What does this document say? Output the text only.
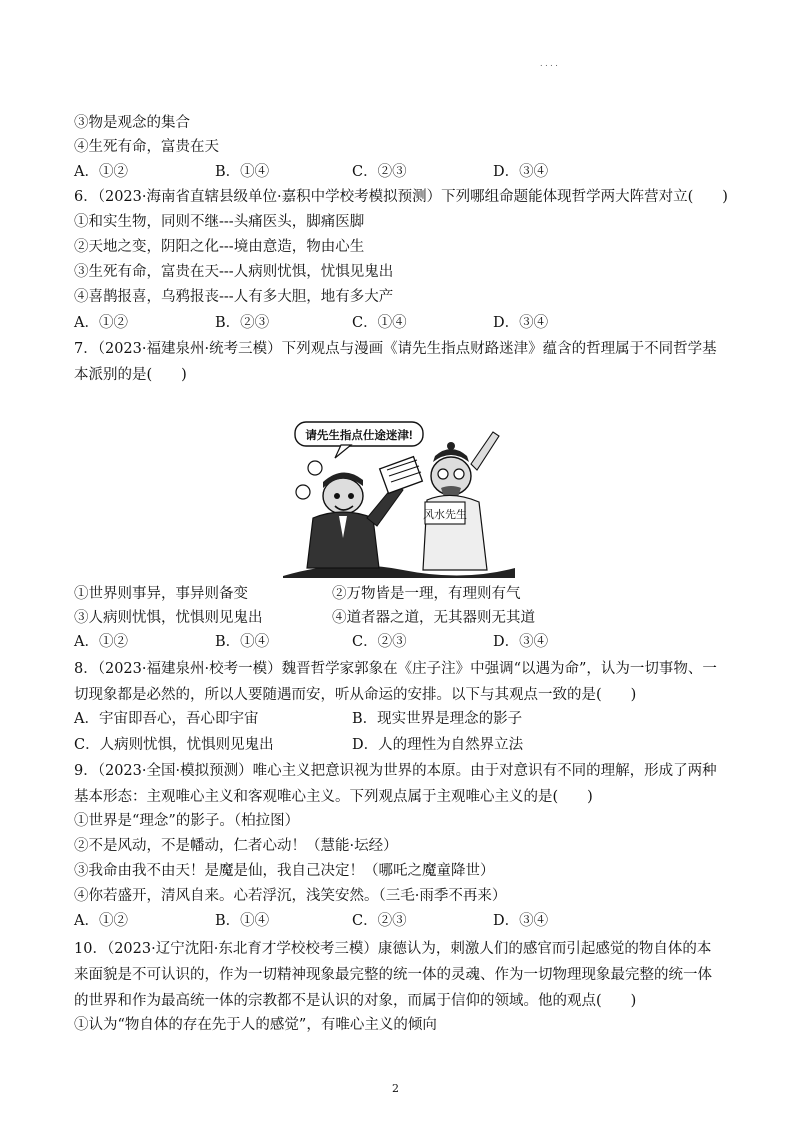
. . . .
③物是观念的集合
④生死有命，富贵在天
A．①②	B．①④	C．②③	D．③④
6．（2023·海南省直辖县级单位·嘉积中学校考模拟预测）下列哪组命题能体现哲学两大阵营对立(　　)
①和实生物，同则不继---头痛医头，脚痛医脚
②天地之变，阴阳之化---境由意造，物由心生
③生死有命，富贵在天---人病则忧惧，忧惧见鬼出
④喜鹊报喜，乌鸦报丧---人有多大胆，地有多大产
A．①②	B．②③	C．①④	D．③④
7．（2023·福建泉州·统考三模）下列观点与漫画《请先生指点财路迷津》蕴含的哲理属于不同哲学基本派别的是(　　)
请先生指点仕途迷津!
风水先生
①世界则事异，事异则备变	②万物皆是一理，有理则有气
③人病则忧惧，忧惧则见鬼出	④道者器之道，无其器则无其道
A．①②	B．①④	C．②③	D．③④
8．（2023·福建泉州·校考一模）魏晋哲学家郭象在《庄子注》中强调“以遇为命”，认为一切事物、一切现象都是必然的，所以人要随遇而安，听从命运的安排。以下与其观点一致的是(　　)
A．宇宙即吾心，吾心即宇宙	B．现实世界是理念的影子
C．人病则忧惧，忧惧则见鬼出	D．人的理性为自然界立法
9．（2023·全国·模拟预测）唯心主义把意识视为世界的本原。由于对意识有不同的理解，形成了两种基本形态：主观唯心主义和客观唯心主义。下列观点属于主观唯心主义的是(　　)
①世界是“理念”的影子。（柏拉图）
②不是风动，不是幡动，仁者心动！（慧能·坛经）
③我命由我不由天！是魔是仙，我自己决定！（哪吒之魔童降世）
④你若盛开，清风自来。心若浮沉，浅笑安然。（三毛·雨季不再来）
A．①②	B．①④	C．②③	D．③④
10．（2023·辽宁沈阳·东北育才学校校考三模）康德认为，刺激人们的感官而引起感觉的物自体的本来面貌是不可认识的，作为一切精神现象最完整的统一体的灵魂、作为一切物理现象最完整的统一体的世界和作为最高统一体的宗教都不是认识的对象，而属于信仰的领域。他的观点(　　)
①认为“物自体的存在先于人的感觉”，有唯心主义的倾向
2
